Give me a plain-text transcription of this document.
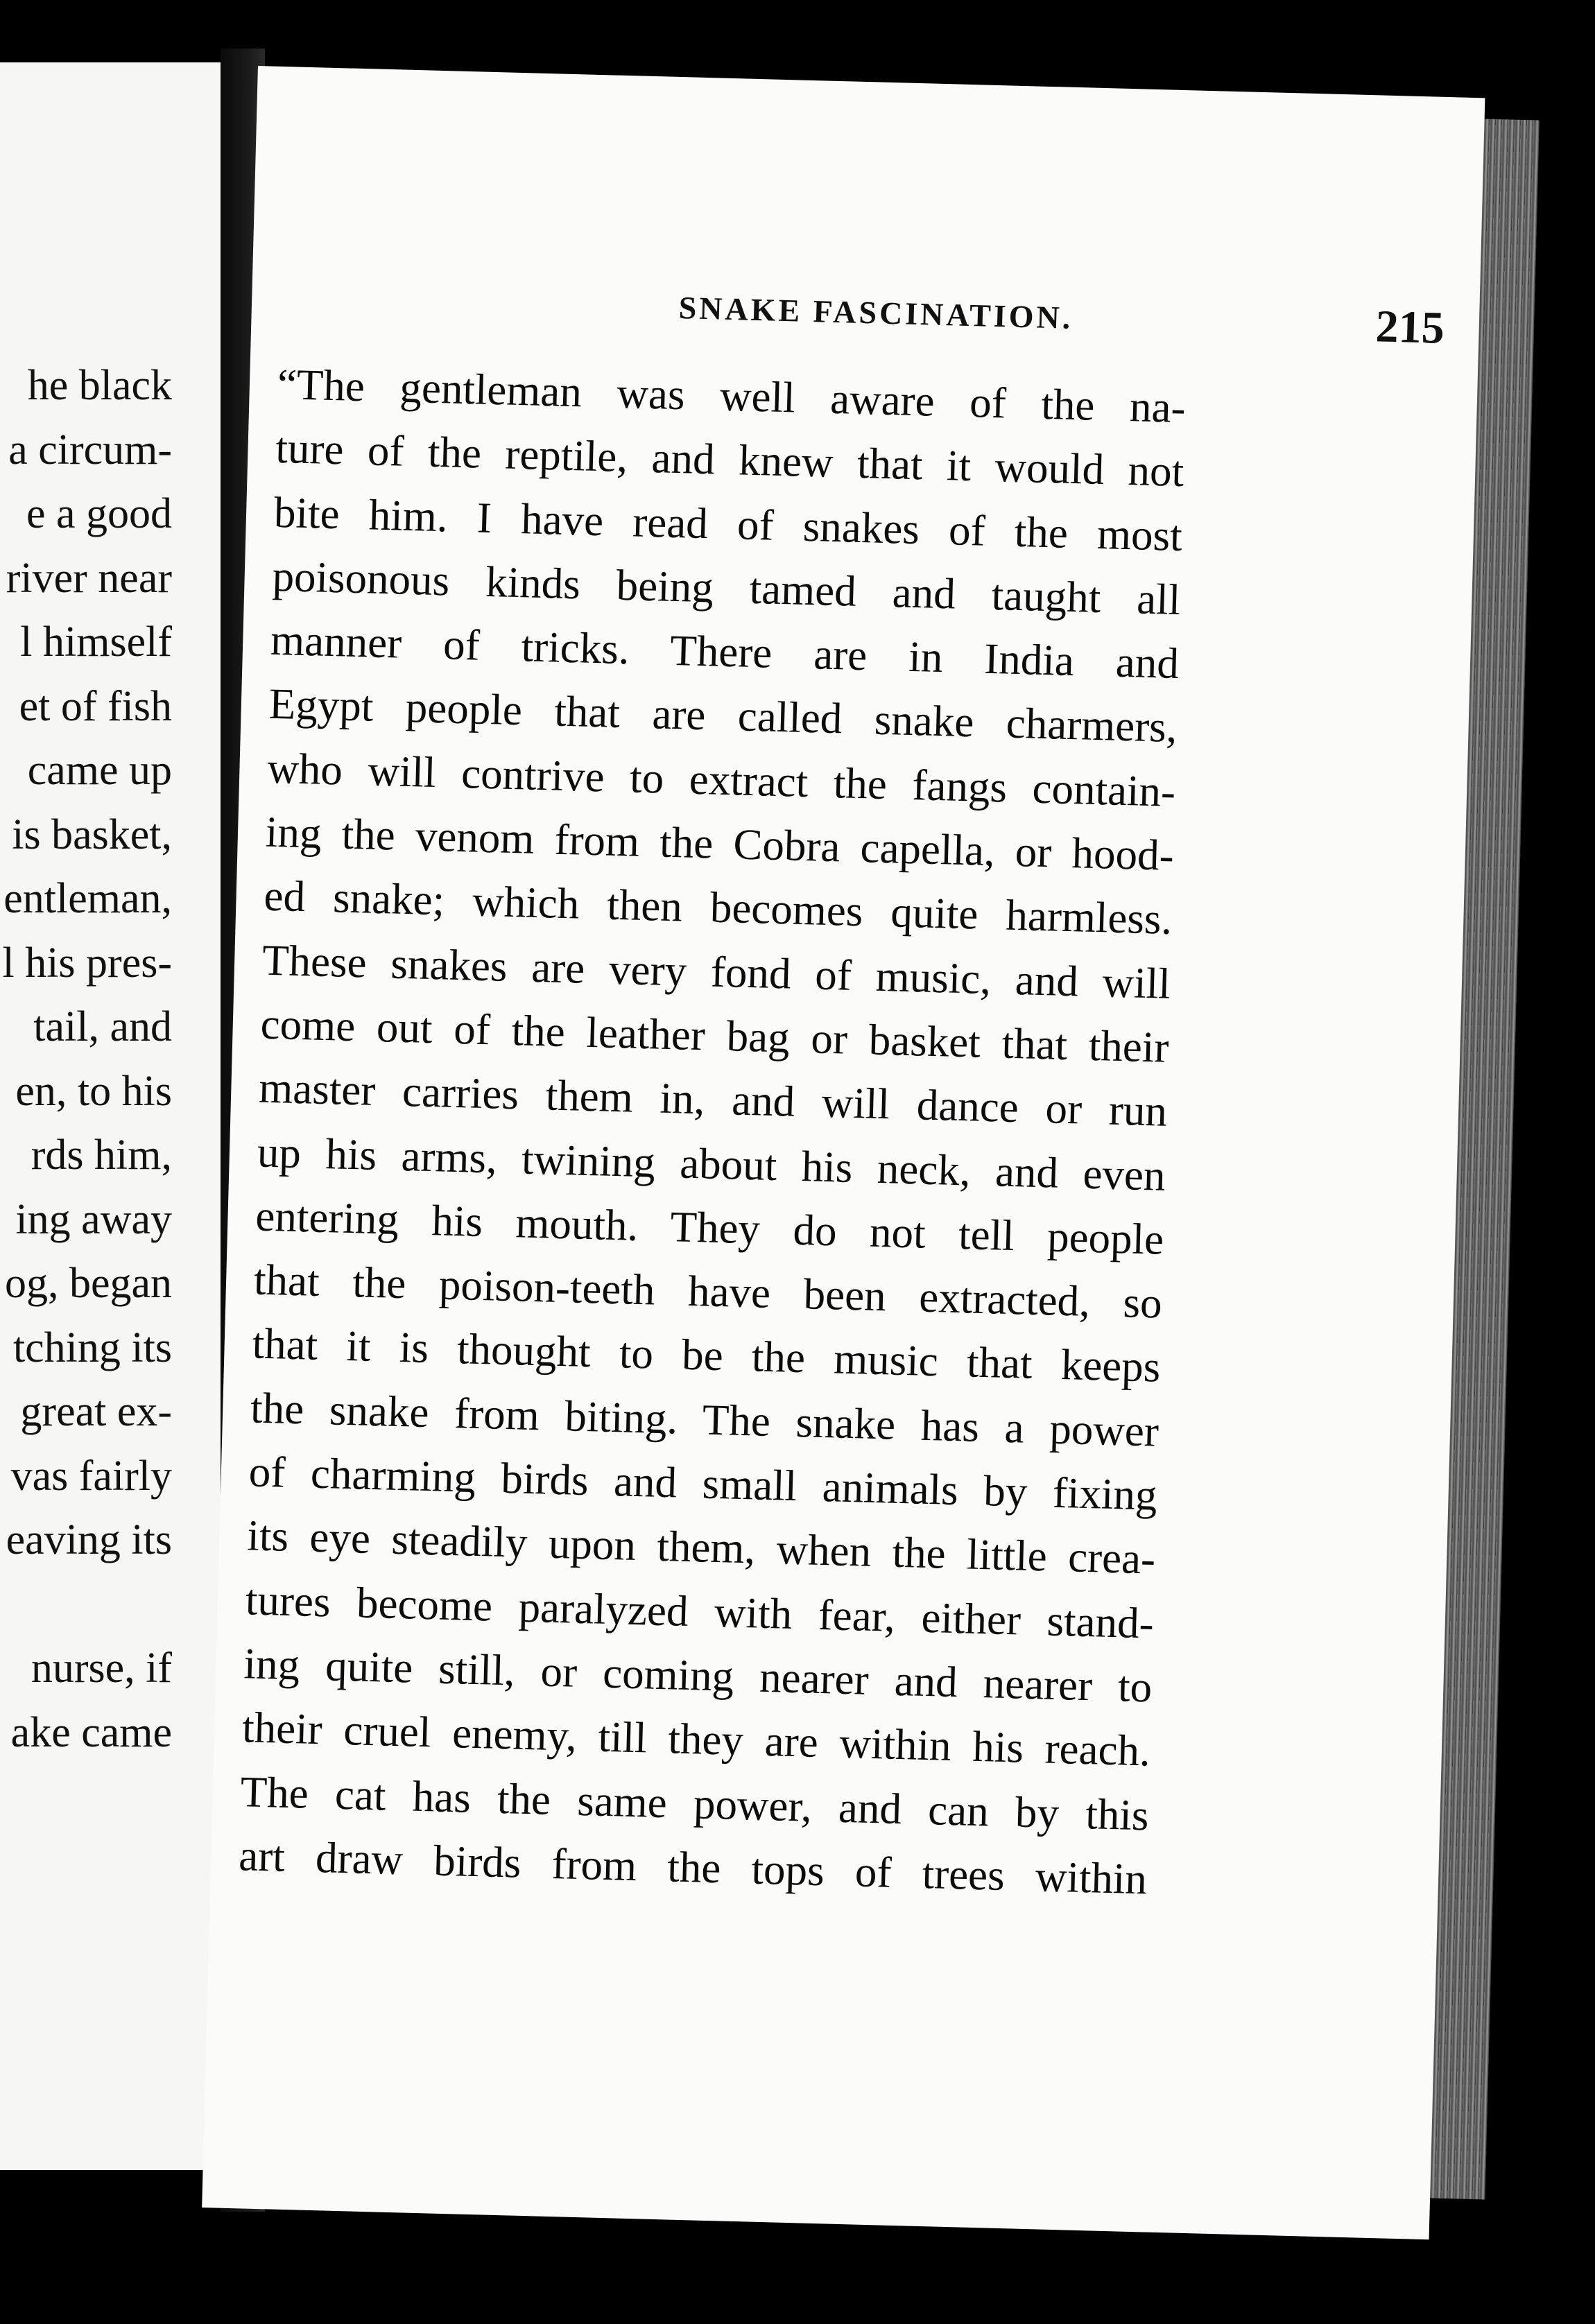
he black
a circum-
e a good
river near
l himself
et of fish
came up
is basket,
entleman,
l his pres-
tail, and
en, to his
rds him,
ing away
og, began
tching its
great ex-
vas fairly
eaving its
nurse, if
ake came
SNAKE FASCINATION.	215
“The gentleman was well aware of the na-
ture of the reptile, and knew that it would not
bite him. I have read of snakes of the most
poisonous kinds being tamed and taught all
manner of tricks. There are in India and
Egypt people that are called snake charmers,
who will contrive to extract the fangs contain-
ing the venom from the Cobra capella, or hood-
ed snake; which then becomes quite harmless.
These snakes are very fond of music, and will
come out of the leather bag or basket that their
master carries them in, and will dance or run
up his arms, twining about his neck, and even
entering his mouth. They do not tell people
that the poison-teeth have been extracted, so
that it is thought to be the music that keeps
the snake from biting. The snake has a power
of charming birds and small animals by fixing
its eye steadily upon them, when the little crea-
tures become paralyzed with fear, either stand-
ing quite still, or coming nearer and nearer to
their cruel enemy, till they are within his reach.
The cat has the same power, and can by this
art draw birds from the tops of trees within
